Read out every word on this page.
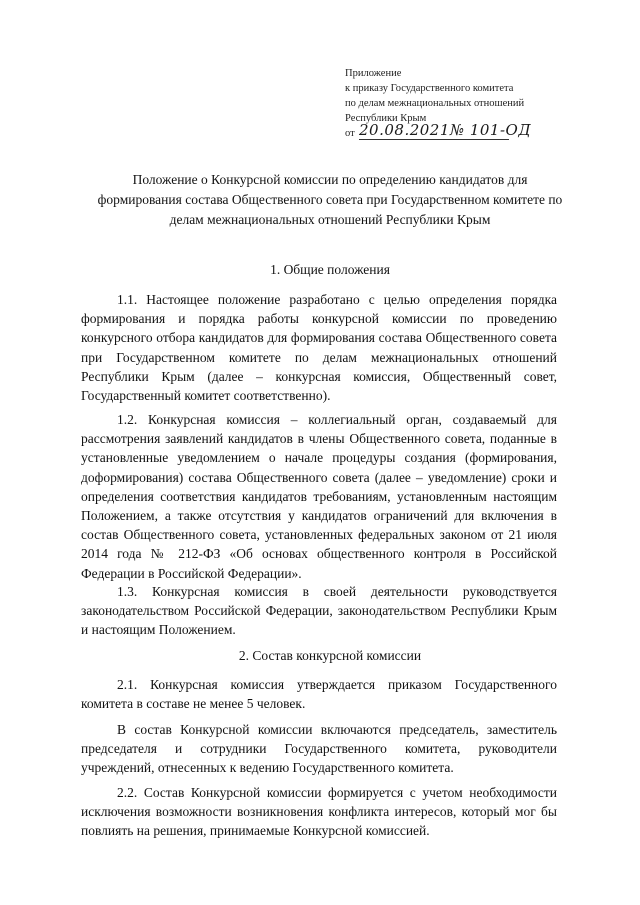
Приложение
к приказу Государственного комитета
по делам межнациональных отношений
Республики Крым
от 20.08.2021№ 101-ОД
Положение о Конкурсной комиссии по определению кандидатов для
формирования состава Общественного совета при Государственном комитете по
делам межнациональных отношений Республики Крым
1. Общие положения

1.1. Настоящее положение разработано с целью определения порядка формирования и порядка работы конкурсной комиссии по проведению конкурсного отбора кандидатов для формирования состава Общественного совета при Государственном комитете по делам межнациональных отношений Республики Крым (далее – конкурсная комиссия, Общественный совет, Государственный комитет соответственно).

1.2. Конкурсная комиссия – коллегиальный орган, создаваемый для рассмотрения заявлений кандидатов в члены Общественного совета, поданные в установленные уведомлением о начале процедуры создания (формирования, доформирования) состава Общественного совета (далее – уведомление) сроки и определения соответствия кандидатов требованиям, установленным настоящим Положением, а также отсутствия у кандидатов ограничений для включения в состав Общественного совета, установленных федеральных законом от 21 июля 2014 года № 212-ФЗ «Об основах общественного контроля в Российской Федерации в Российской Федерации».

1.3. Конкурсная комиссия в своей деятельности руководствуется законодательством Российской Федерации, законодательством Республики Крым и настоящим Положением.

2. Состав конкурсной комиссии

2.1. Конкурсная комиссия утверждается приказом Государственного комитета в составе не менее 5 человек.

В состав Конкурсной комиссии включаются председатель, заместитель председателя и сотрудники Государственного комитета, руководители учреждений, отнесенных к ведению Государственного комитета.

2.2. Состав Конкурсной комиссии формируется с учетом необходимости исключения возможности возникновения конфликта интересов, который мог бы повлиять на решения, принимаемые Конкурсной комиссией.
